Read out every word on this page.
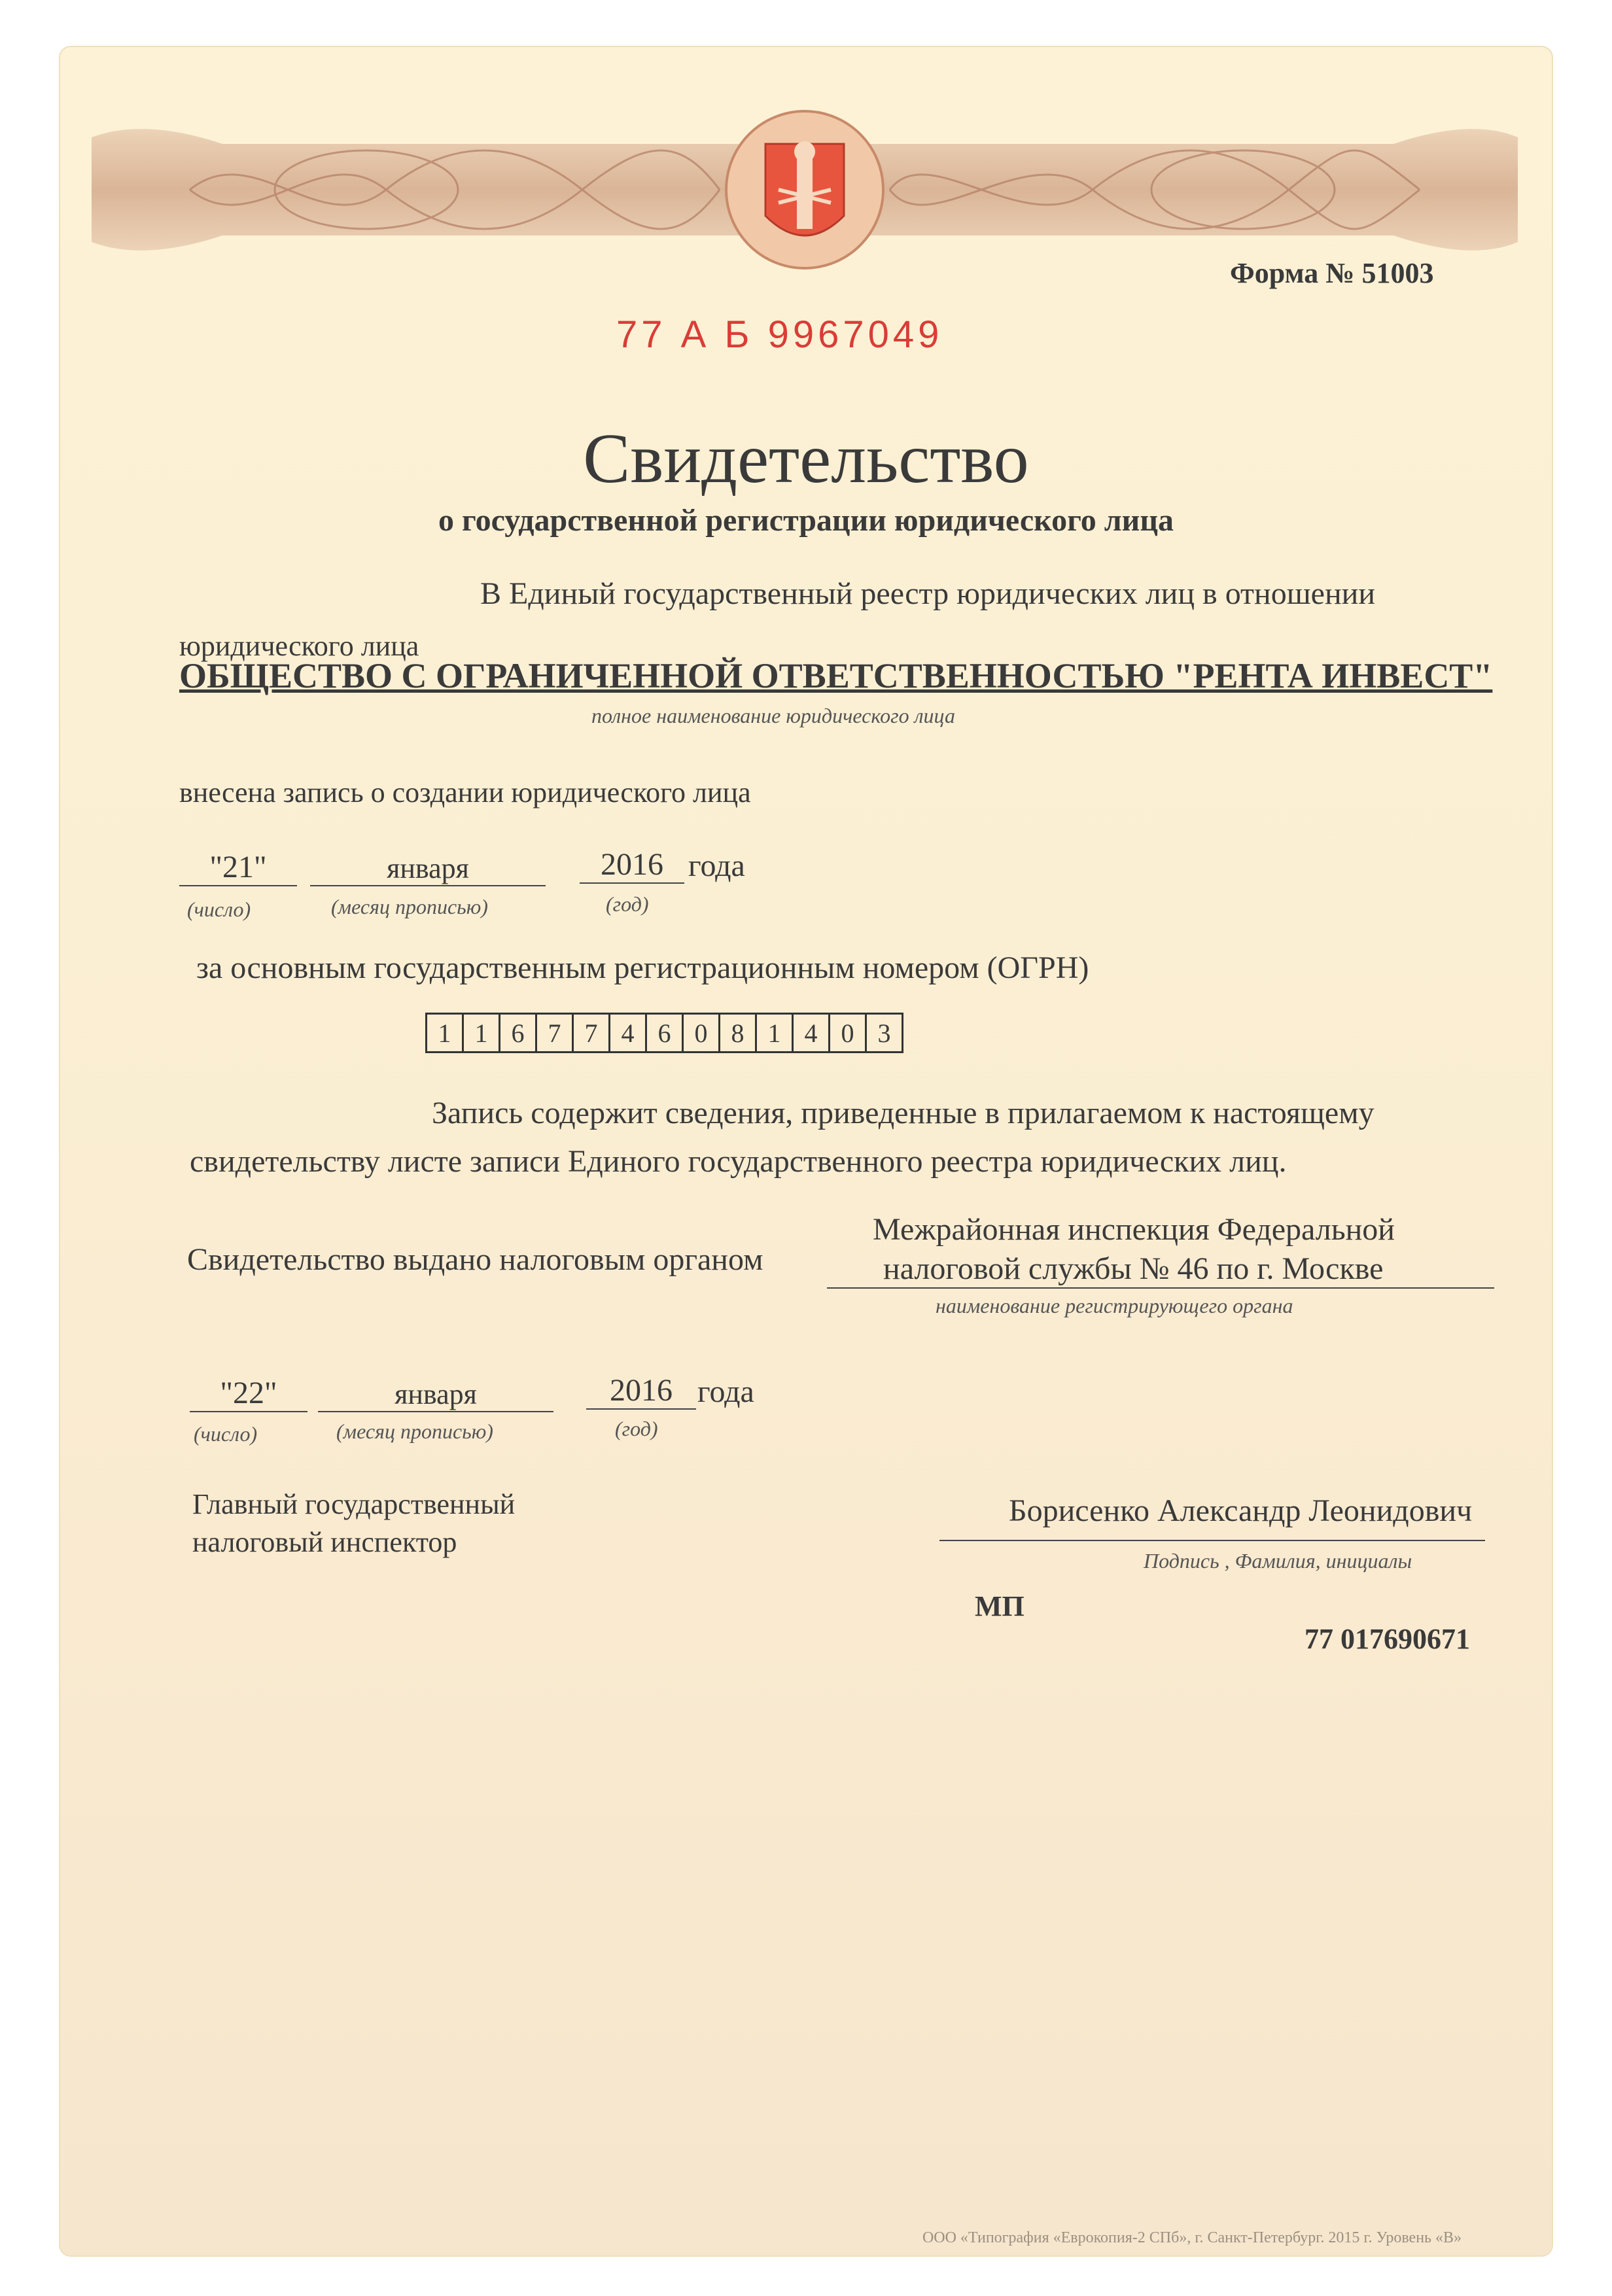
Форма № 51003

77 А Б 9967049

Свидетельство

о государственной регистрации юридического лица

В Единый государственный реестр юридических лиц в отношении

юридического лица

ОБЩЕСТВО С ОГРАНИЧЕННОЙ ОТВЕТСТВЕННОСТЬЮ "РЕНТА ИНВЕСТ"

полное наименование юридического лица

внесена запись о создании юридического лица

"21"	января	2016 года

(число)	(месяц прописью)	(год)

за основным государственным регистрационным номером (ОГРН)

1 1 6 7 7 4 6 0 8 1 4 0 3

Запись содержит сведения, приведенные в прилагаемом к настоящему

свидетельству листе записи Единого государственного реестра юридических лиц.

Свидетельство выдано налоговым органом

Межрайонная инспекция Федеральной

налоговой службы № 46 по г. Москве

наименование регистрирующего органа

"22"	января	2016 года

(число)	(месяц прописью)	(год)

Главный государственный

налоговый инспектор

Борисенко Александр Леонидович

Подпись , Фамилия, инициалы

МП

77 017690671

ООО «Типография «Еврокопия-2 СПб», г. Санкт-Петербург. 2015 г. Уровень «В»
